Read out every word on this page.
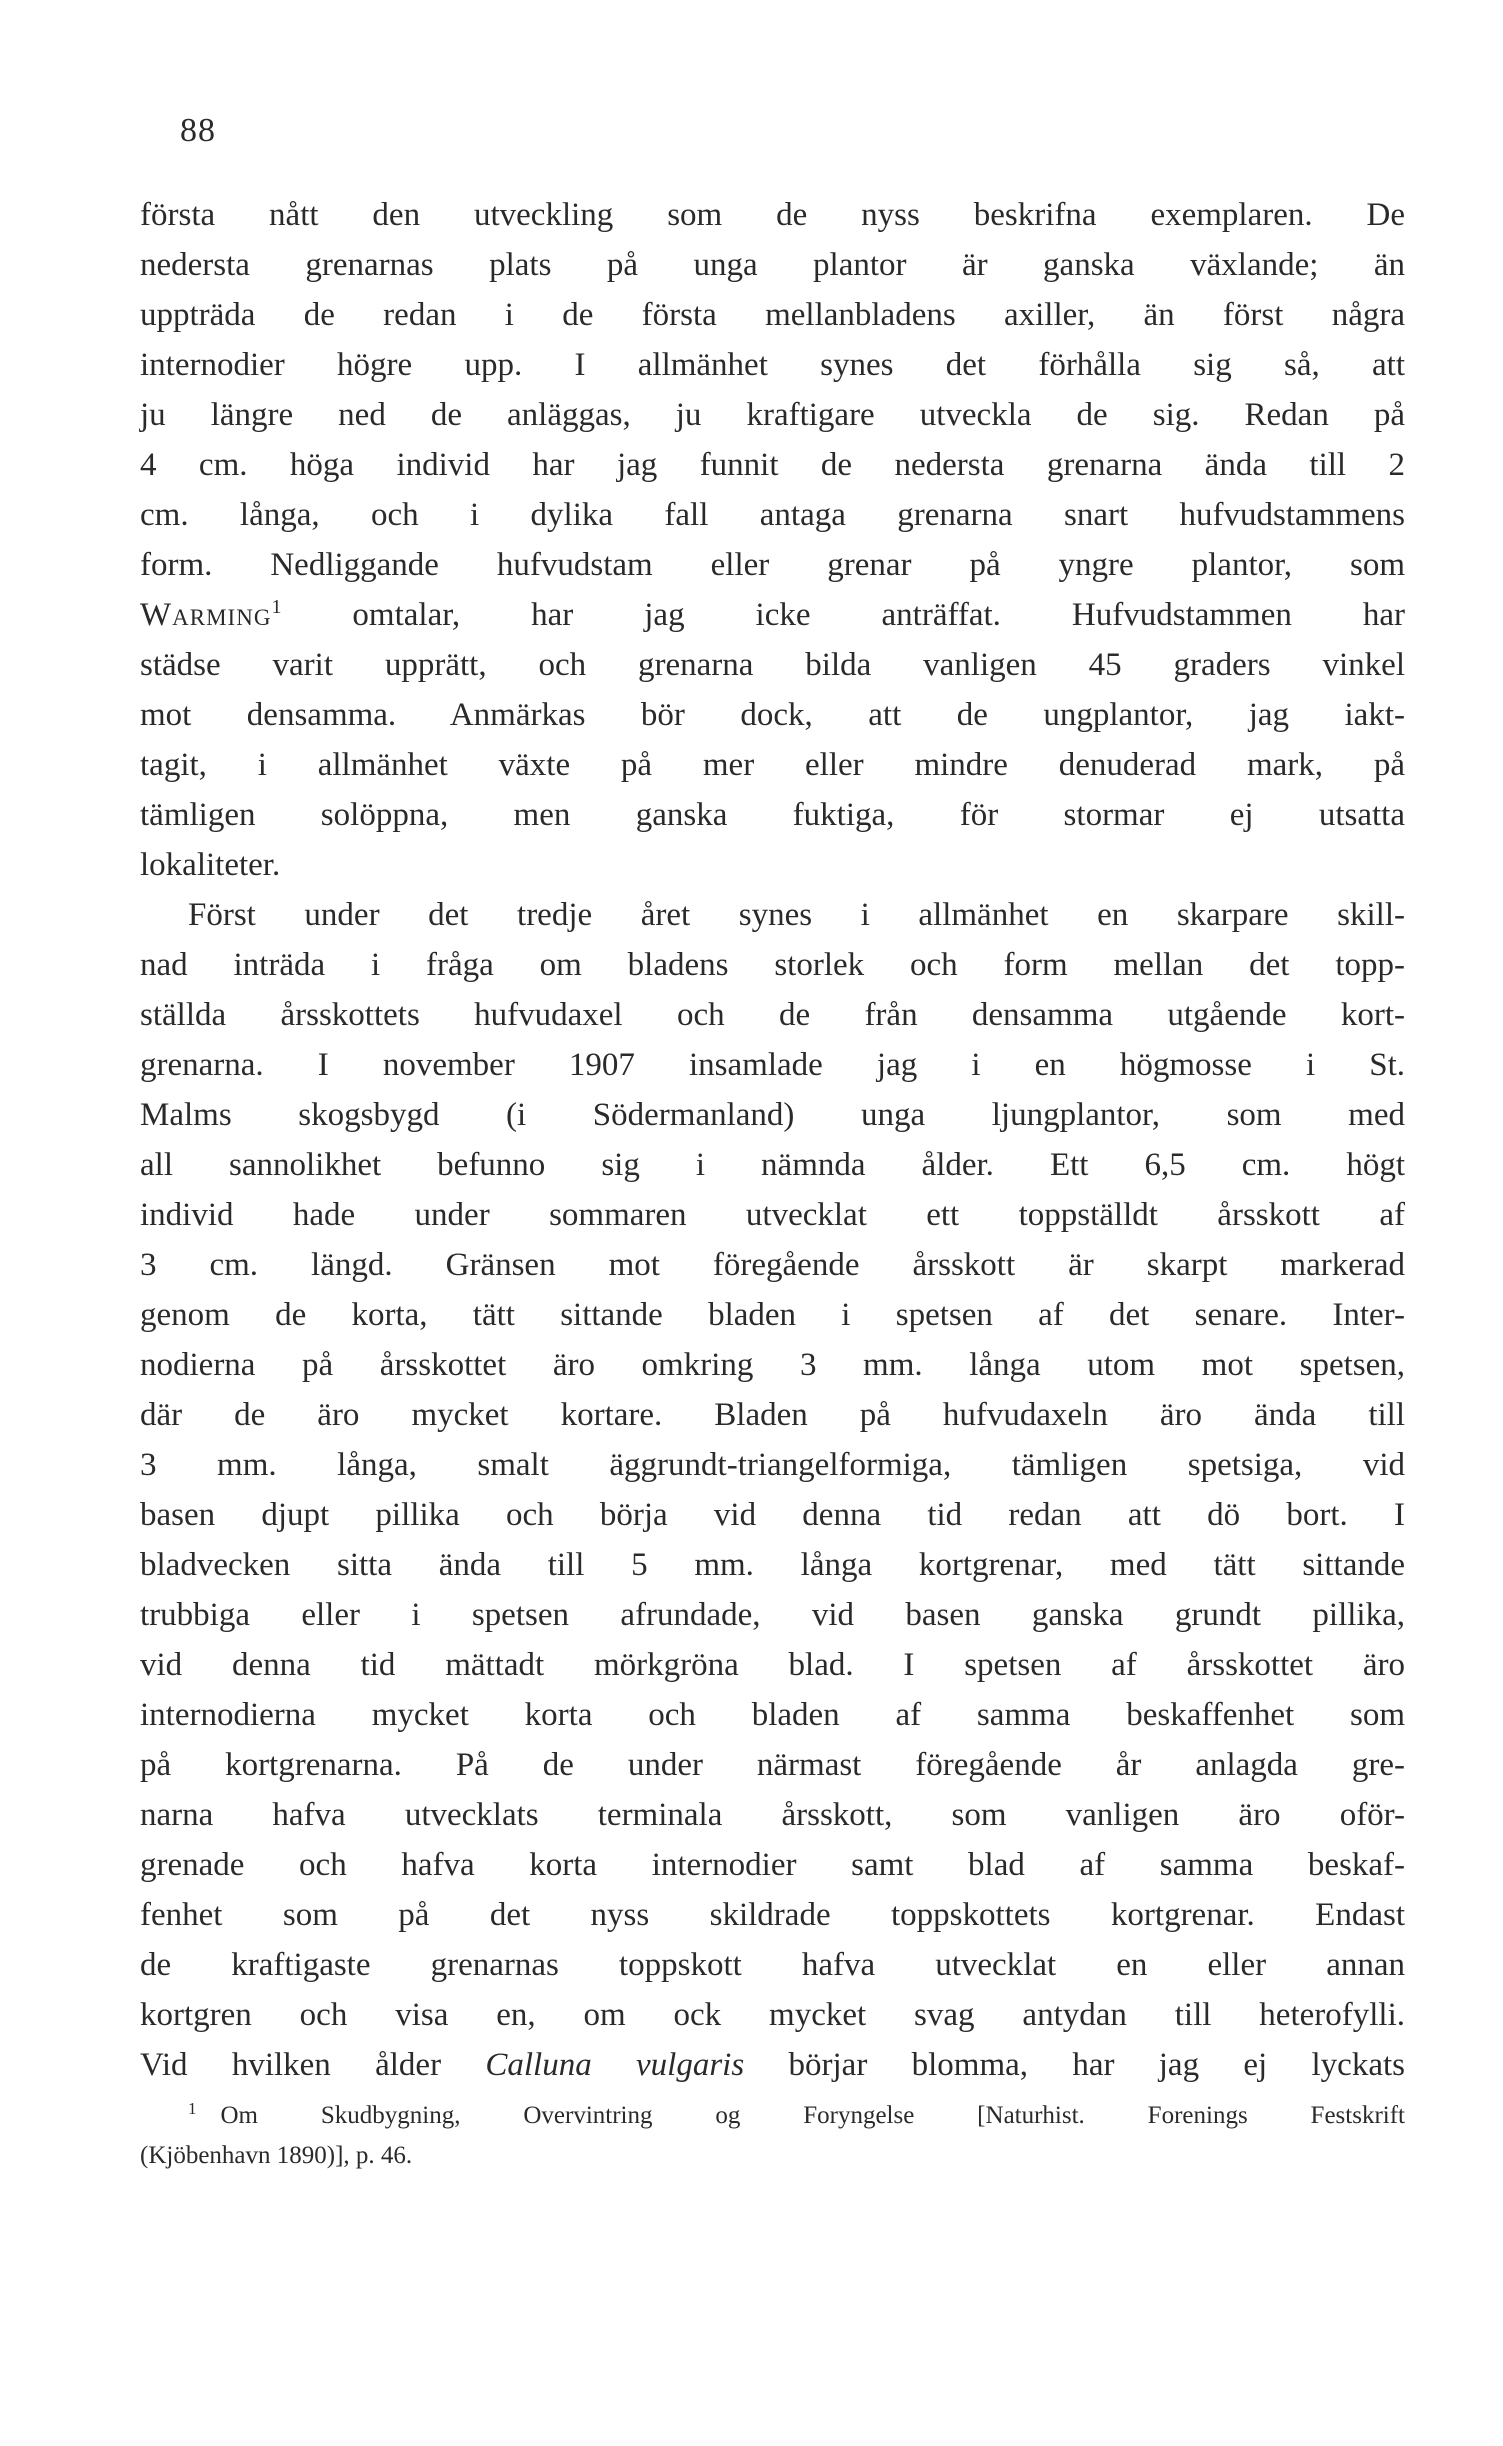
88
första nått den utveckling som de nyss beskrifna exemplaren. De
nedersta grenarnas plats på unga plantor är ganska växlande; än
uppträda de redan i de första mellanbladens axiller, än först några
internodier högre upp. I allmänhet synes det förhålla sig så, att
ju längre ned de anläggas, ju kraftigare utveckla de sig. Redan på
4 cm. höga individ har jag funnit de nedersta grenarna ända till 2
cm. långa, och i dylika fall antaga grenarna snart hufvudstammens
form. Nedliggande hufvudstam eller grenar på yngre plantor, som
Warming$^1$ omtalar, har jag icke anträffat. Hufvudstammen har
städse varit upprätt, och grenarna bilda vanligen 45 graders vinkel
mot densamma. Anmärkas bör dock, att de ungplantor, jag iakt-
tagit, i allmänhet växte på mer eller mindre denuderad mark, på
tämligen solöppna, men ganska fuktiga, för stormar ej utsatta
lokaliteter.
Först under det tredje året synes i allmänhet en skarpare skill-
nad inträda i fråga om bladens storlek och form mellan det topp-
ställda årsskottets hufvudaxel och de från densamma utgående kort-
grenarna. I november 1907 insamlade jag i en högmosse i St.
Malms skogsbygd (i Södermanland) unga ljungplantor, som med
all sannolikhet befunno sig i nämnda ålder. Ett 6,5 cm. högt
individ hade under sommaren utvecklat ett toppställdt årsskott af
3 cm. längd. Gränsen mot föregående årsskott är skarpt markerad
genom de korta, tätt sittande bladen i spetsen af det senare. Inter-
nodierna på årsskottet äro omkring 3 mm. långa utom mot spetsen,
där de äro mycket kortare. Bladen på hufvudaxeln äro ända till
3 mm. långa, smalt äggrundt-triangelformiga, tämligen spetsiga, vid
basen djupt pillika och börja vid denna tid redan att dö bort. I
bladvecken sitta ända till 5 mm. långa kortgrenar, med tätt sittande
trubbiga eller i spetsen afrundade, vid basen ganska grundt pillika,
vid denna tid mättadt mörkgröna blad. I spetsen af årsskottet äro
internodierna mycket korta och bladen af samma beskaffenhet som
på kortgrenarna. På de under närmast föregående år anlagda gre-
narna hafva utvecklats terminala årsskott, som vanligen äro oför-
grenade och hafva korta internodier samt blad af samma beskaf-
fenhet som på det nyss skildrade toppskottets kortgrenar. Endast
de kraftigaste grenarnas toppskott hafva utvecklat en eller annan
kortgren och visa en, om ock mycket svag antydan till heterofylli.
Vid hvilken ålder Calluna vulgaris börjar blomma, har jag ej lyckats
$^1$ Om Skudbygning, Overvintring og Foryngelse [Naturhist. Forenings Festskrift
(Kjöbenhavn 1890)], p. 46.
